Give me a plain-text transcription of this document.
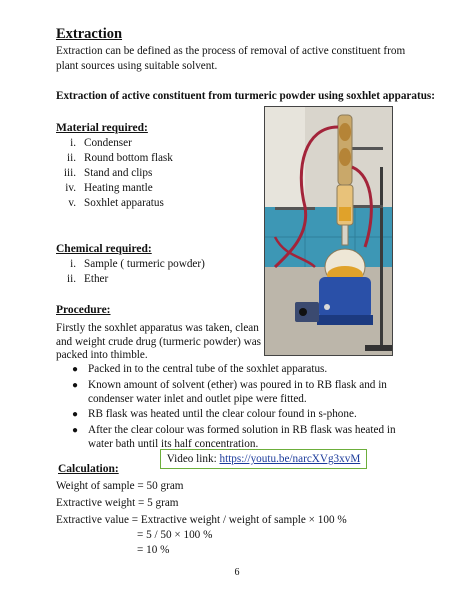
Extraction
Extraction can be defined as the process of removal of active constituent from plant sources using suitable solvent.
Extraction of active constituent from turmeric powder using soxhlet apparatus:
Material required:
i. Condenser
ii. Round bottom flask
iii. Stand and clips
iv. Heating mantle
v. Soxhlet apparatus
Chemical required:
i. Sample ( turmeric powder)
ii. Ether
Procedure:
Firstly the soxhlet apparatus was taken, clean and weight crude drug (turmeric powder) was packed into thimble.
● Packed in to the central tube of the soxhlet apparatus.
● Known amount of solvent (ether) was poured in to RB flask and in condenser water inlet and outlet pipe were fitted.
● RB flask was heated until the clear colour found in s-phone.
● After the clear colour was formed solution in RB flask was heated in water bath until its half concentration.
Video link: https://youtu.be/narcXVg3xvM
Calculation:
Weight of sample = 50 gram
Extractive weight = 5 gram
Extractive value = Extractive weight / weight of sample × 100 %
= 5 / 50 × 100 %
= 10 %
6
